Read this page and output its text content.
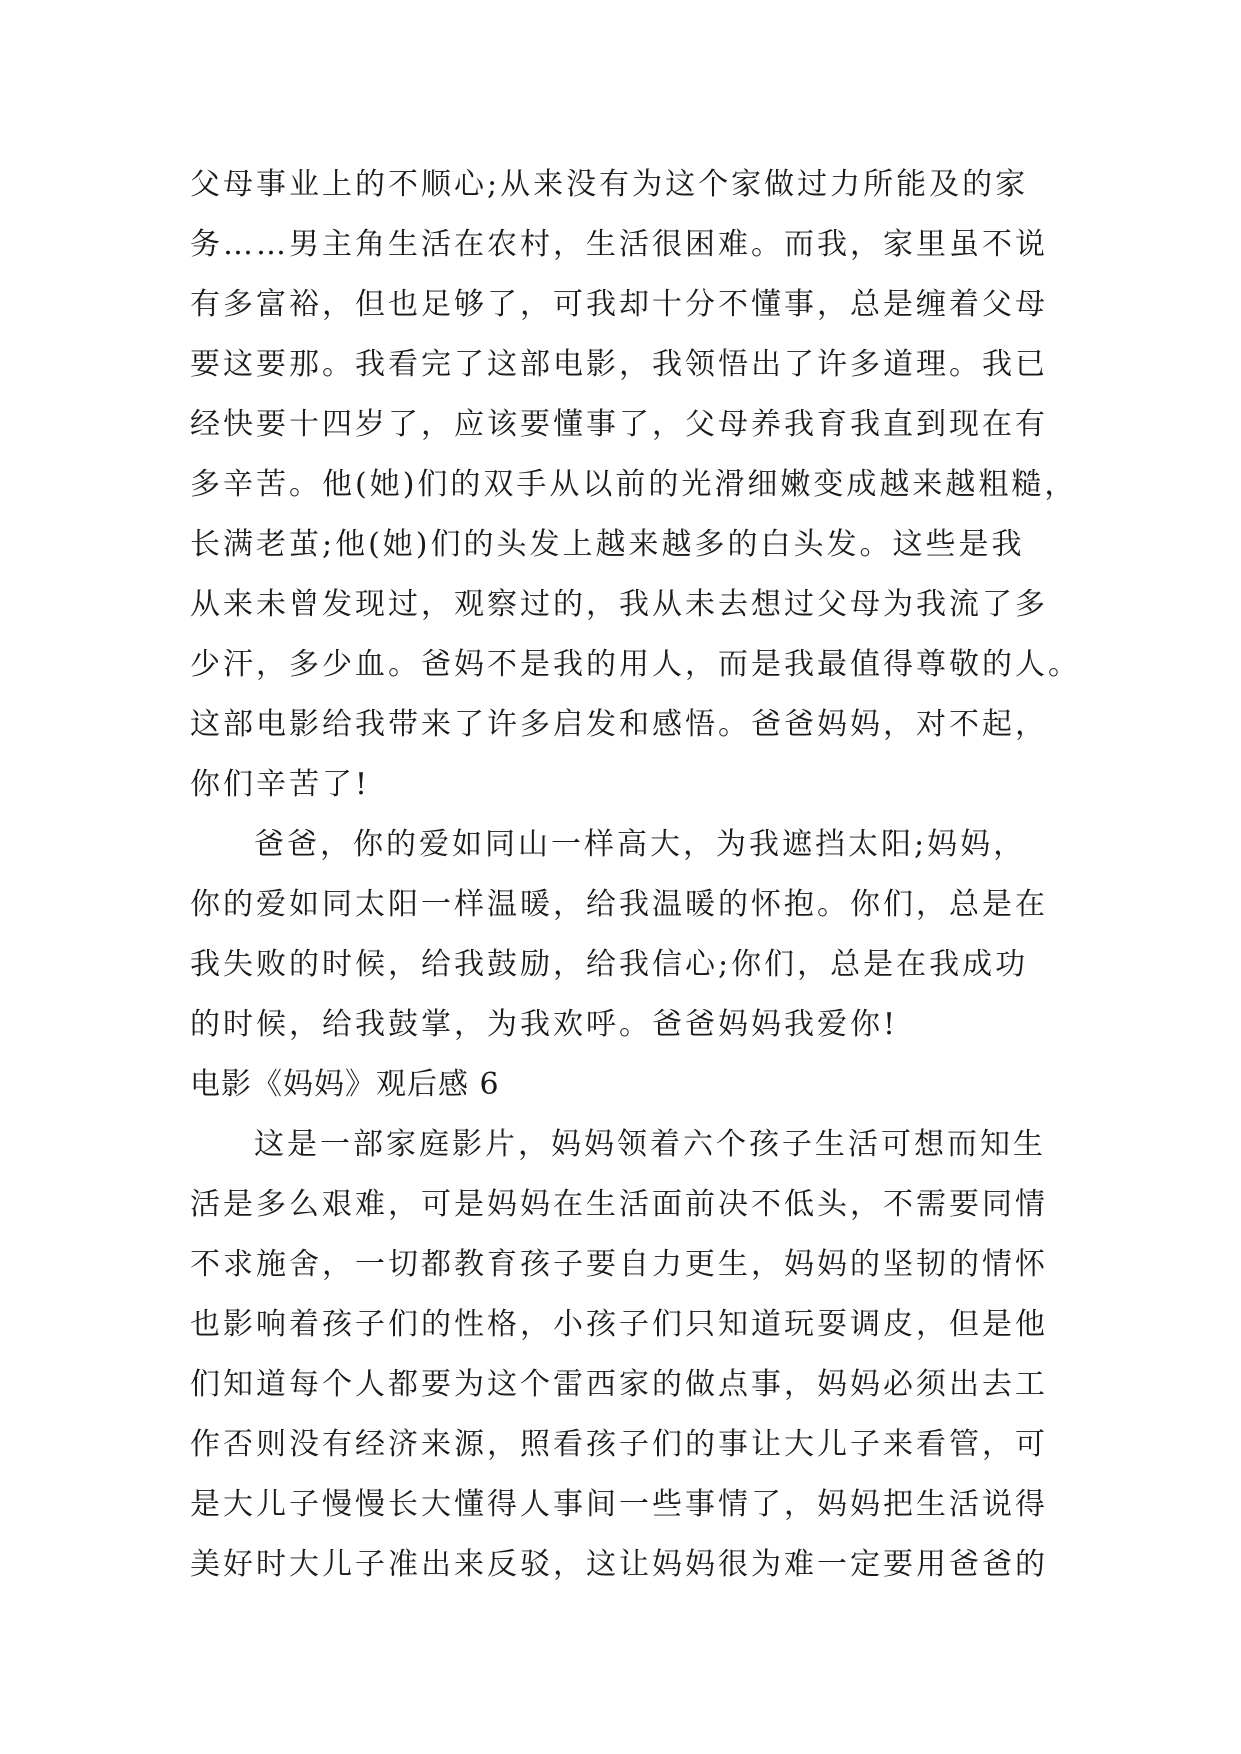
父母事业上的不顺心;从来没有为这个家做过力所能及的家
务……男主角生活在农村，生活很困难。而我，家里虽不说
有多富裕，但也足够了，可我却十分不懂事，总是缠着父母
要这要那。我看完了这部电影，我领悟出了许多道理。我已
经快要十四岁了，应该要懂事了，父母养我育我直到现在有
多辛苦。他(她)们的双手从以前的光滑细嫩变成越来越粗糙，
长满老茧;他(她)们的头发上越来越多的白头发。这些是我
从来未曾发现过，观察过的，我从未去想过父母为我流了多
少汗，多少血。爸妈不是我的用人，而是我最值得尊敬的人。
这部电影给我带来了许多启发和感悟。爸爸妈妈，对不起，
你们辛苦了!
爸爸，你的爱如同山一样高大，为我遮挡太阳;妈妈，
你的爱如同太阳一样温暖，给我温暖的怀抱。你们，总是在
我失败的时候，给我鼓励，给我信心;你们，总是在我成功
的时候，给我鼓掌，为我欢呼。爸爸妈妈我爱你!
电影《妈妈》观后感 6
这是一部家庭影片，妈妈领着六个孩子生活可想而知生
活是多么艰难，可是妈妈在生活面前决不低头，不需要同情
不求施舍，一切都教育孩子要自力更生，妈妈的坚韧的情怀
也影响着孩子们的性格，小孩子们只知道玩耍调皮，但是他
们知道每个人都要为这个雷西家的做点事，妈妈必须出去工
作否则没有经济来源，照看孩子们的事让大儿子来看管，可
是大儿子慢慢长大懂得人事间一些事情了，妈妈把生活说得
美好时大儿子准出来反驳，这让妈妈很为难一定要用爸爸的
